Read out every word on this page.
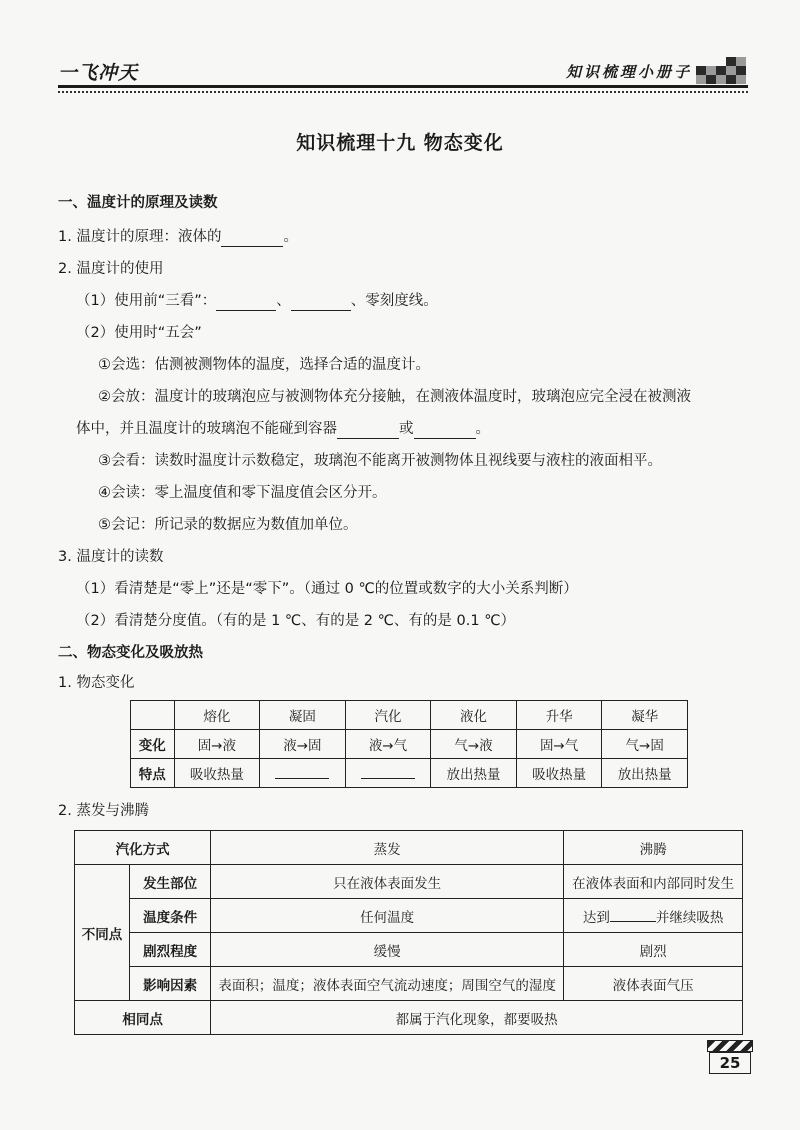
一飞冲天	知识梳理小册子
知识梳理十九 物态变化
一、温度计的原理及读数
1. 温度计的原理：液体的	。
2. 温度计的使用
（1）使用前“三看”：	、	、零刻度线。
（2）使用时“五会”
①会选：估测被测物体的温度，选择合适的温度计。
②会放：温度计的玻璃泡应与被测物体充分接触，在测液体温度时，玻璃泡应完全浸在被测液
体中，并且温度计的玻璃泡不能碰到容器	或	。
③会看：读数时温度计示数稳定，玻璃泡不能离开被测物体且视线要与液柱的液面相平。
④会读：零上温度值和零下温度值会区分开。
⑤会记：所记录的数据应为数值加单位。
3. 温度计的读数
（1）看清楚是“零上”还是“零下”。（通过 0 ℃的位置或数字的大小关系判断）
（2）看清楚分度值。（有的是 1 ℃、有的是 2 ℃、有的是 0.1 ℃）
二、物态变化及吸放热
1. 物态变化
	熔化	凝固	汽化	液化	升华	凝华
变化	固→液	液→固	液→气	气→液	固→气	气→固
特点	吸收热量			放出热量	吸收热量	放出热量
2. 蒸发与沸腾
汽化方式		蒸发	沸腾
不同点	发生部位	只在液体表面发生	在液体表面和内部同时发生
	温度条件	任何温度	达到 并继续吸热
	剧烈程度	缓慢	剧烈
	影响因素	表面积；温度；液体表面空气流动速度；周围空气的湿度	液体表面气压
相同点		都属于汽化现象，都要吸热	
25
